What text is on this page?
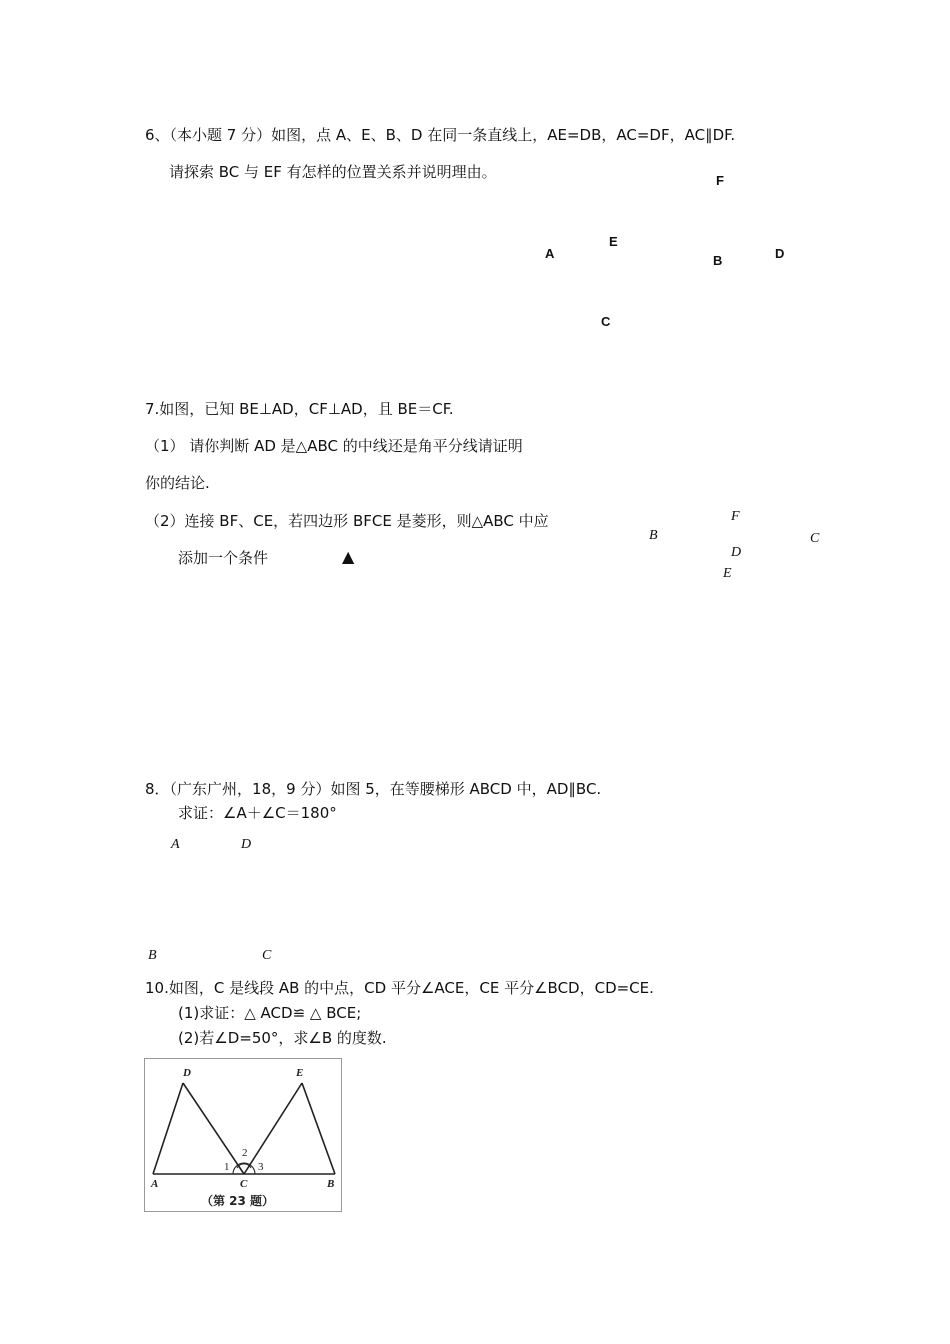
6、（本小题 7 分）如图，点 A、E、B、D 在同一条直线上，AE=DB，AC=DF，AC∥DF.
请探索 BC 与 EF 有怎样的位置关系并说明理由。	F
E
A	B	D
C
7.如图，已知 BE⊥AD，CF⊥AD，且 BE＝CF.
（1） 请你判断 AD 是△ABC 的中线还是角平分线请证明
你的结论.
（2）连接 BF、CE，若四边形 BFCE 是菱形，则△ABC 中应
添加一个条件	▲
F
B	C
D
E
8．（广东广州，18，9 分）如图 5，在等腰梯形 ABCD 中，AD∥BC.
求证：∠A＋∠C＝180°
A	D
B	C
10.如图，C 是线段 AB 的中点，CD 平分∠ACE，CE 平分∠BCD，CD=CE.
(1)求证：△ ACD≌ △ BCE;
(2)若∠D=50°，求∠B 的度数.
D	E
A	C	B
1
2
3
（第 23 题）
